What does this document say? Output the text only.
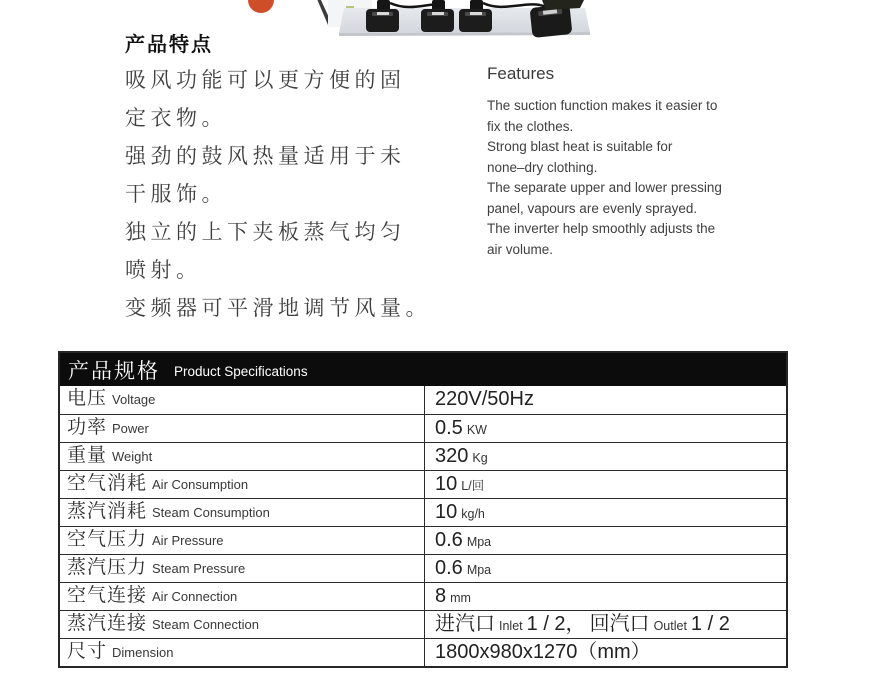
产品特点
吸风功能可以更方便的固
定衣物。
强劲的鼓风热量适用于未
干服饰。
独立的上下夹板蒸气均匀
喷射。
变频器可平滑地调节风量。
Features
The suction function makes it easier to
fix the clothes.
Strong blast heat is suitable for
none–dry clothing.
The separate upper and lower pressing
panel, vapours are evenly sprayed.
The inverter help smoothly adjusts the
air volume.
产品规格 Product Specifications
电压 Voltage	220V/50Hz
功率 Power	0.5 KW
重量 Weight	320 Kg
空气消耗 Air Consumption	10 L/回
蒸汽消耗 Steam Consumption	10 kg/h
空气压力 Air Pressure	0.6 Mpa
蒸汽压力 Steam Pressure	0.6 Mpa
空气连接 Air Connection	8 mm
蒸汽连接 Steam Connection	进汽口 Inlet 1 / 2， 回汽口 Outlet 1 / 2
尺寸 Dimension	1800x980x1270（mm）
